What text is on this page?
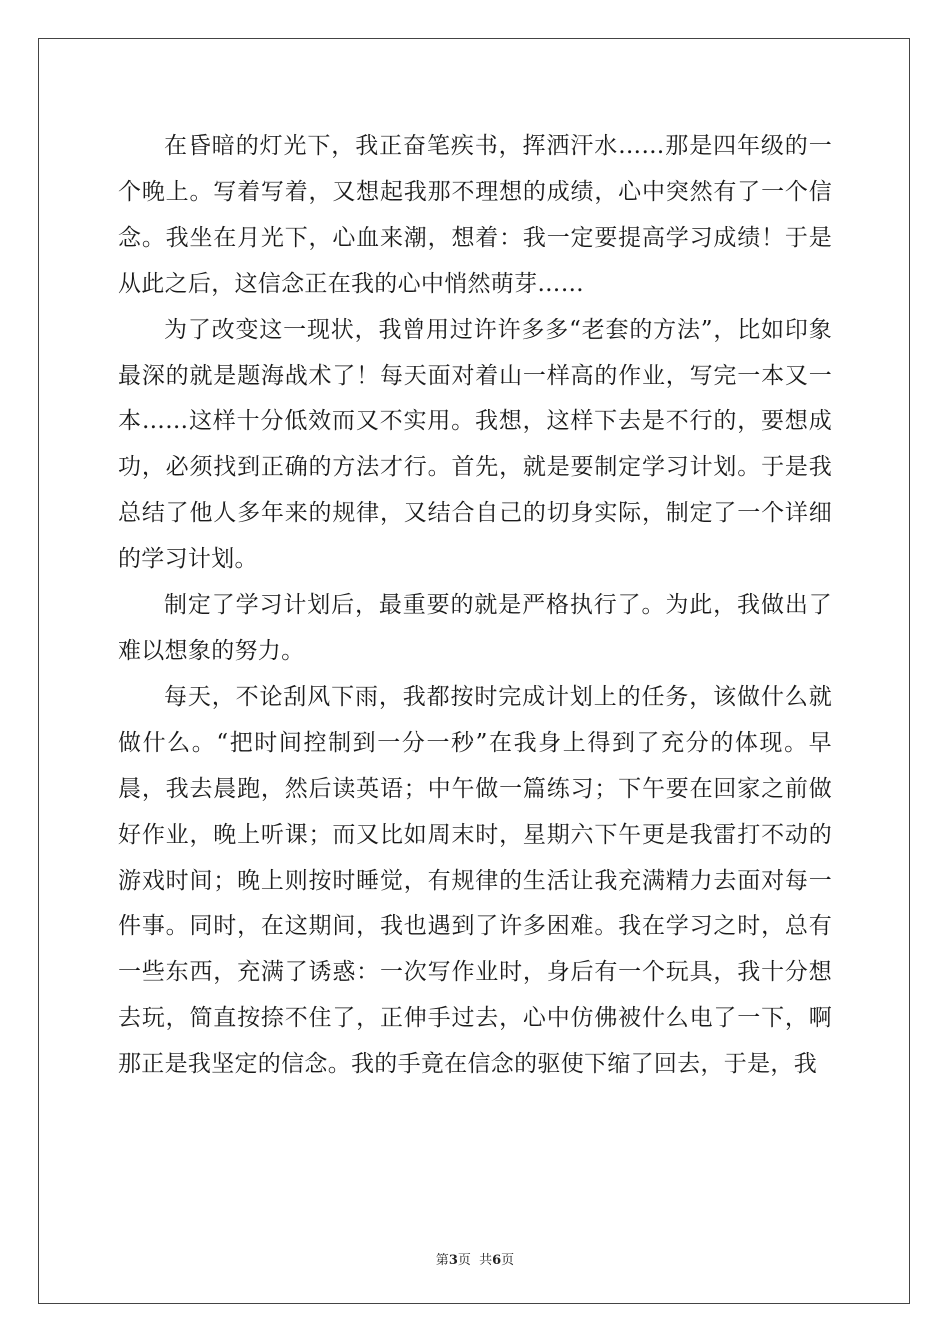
在昏暗的灯光下，我正奋笔疾书，挥洒汗水……那是四年级的一个晚上。写着写着，又想起我那不理想的成绩，心中突然有了一个信念。我坐在月光下，心血来潮，想着：我一定要提高学习成绩！于是从此之后，这信念正在我的心中悄然萌芽……

为了改变这一现状，我曾用过许许多多“老套的方法”，比如印象最深的就是题海战术了！每天面对着山一样高的作业，写完一本又一本……这样十分低效而又不实用。我想，这样下去是不行的，要想成功，必须找到正确的方法才行。首先，就是要制定学习计划。于是我总结了他人多年来的规律，又结合自己的切身实际，制定了一个详细的学习计划。

制定了学习计划后，最重要的就是严格执行了。为此，我做出了难以想象的努力。

每天，不论刮风下雨，我都按时完成计划上的任务，该做什么就做什么。“把时间控制到一分一秒”在我身上得到了充分的体现。早晨，我去晨跑，然后读英语；中午做一篇练习；下午要在回家之前做好作业，晚上听课；而又比如周末时，星期六下午更是我雷打不动的游戏时间；晚上则按时睡觉，有规律的生活让我充满精力去面对每一件事。同时，在这期间，我也遇到了许多困难。我在学习之时，总有一些东西，充满了诱惑：一次写作业时，身后有一个玩具，我十分想去玩，简直按捺不住了，正伸手过去，心中仿佛被什么电了一下，啊那正是我坚定的信念。我的手竟在信念的驱使下缩了回去，于是，我

第3页  共6页
